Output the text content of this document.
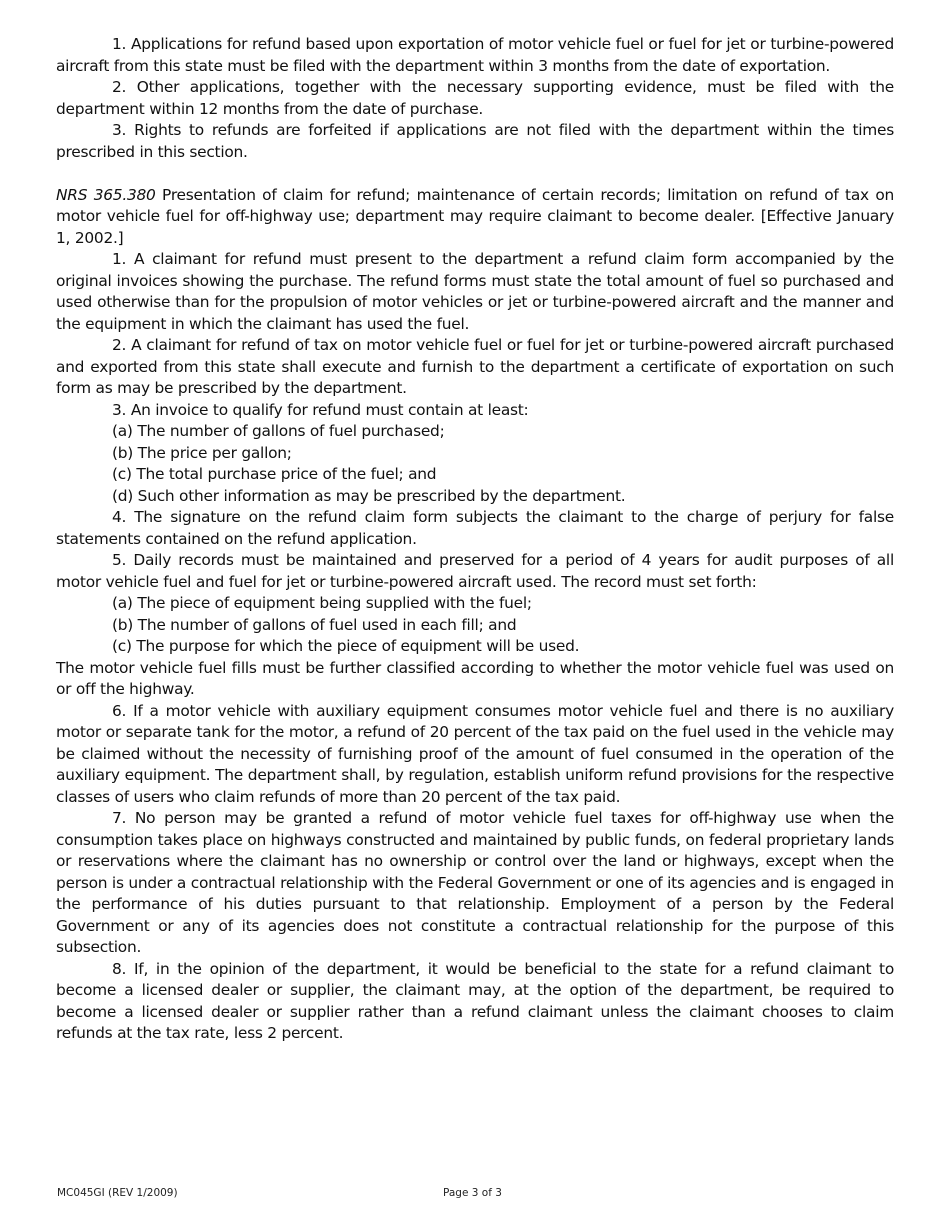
1. Applications for refund based upon exportation of motor vehicle fuel or fuel for jet or turbine-powered aircraft from this state must be filed with the department within 3 months from the date of exportation.

2. Other applications, together with the necessary supporting evidence, must be filed with the department within 12 months from the date of purchase.

3. Rights to refunds are forfeited if applications are not filed with the department within the times prescribed in this section.

NRS 365.380 Presentation of claim for refund; maintenance of certain records; limitation on refund of tax on motor vehicle fuel for off-highway use; department may require claimant to become dealer. [Effective January 1, 2002.]

1. A claimant for refund must present to the department a refund claim form accompanied by the original invoices showing the purchase. The refund forms must state the total amount of fuel so purchased and used otherwise than for the propulsion of motor vehicles or jet or turbine-powered aircraft and the manner and the equipment in which the claimant has used the fuel.

2. A claimant for refund of tax on motor vehicle fuel or fuel for jet or turbine-powered aircraft purchased and exported from this state shall execute and furnish to the department a certificate of exportation on such form as may be prescribed by the department.

3. An invoice to qualify for refund must contain at least:

(a) The number of gallons of fuel purchased;

(b) The price per gallon;

(c) The total purchase price of the fuel; and

(d) Such other information as may be prescribed by the department.

4. The signature on the refund claim form subjects the claimant to the charge of perjury for false statements contained on the refund application.

5. Daily records must be maintained and preserved for a period of 4 years for audit purposes of all motor vehicle fuel and fuel for jet or turbine-powered aircraft used. The record must set forth:

(a) The piece of equipment being supplied with the fuel;

(b) The number of gallons of fuel used in each fill; and

(c) The purpose for which the piece of equipment will be used.

The motor vehicle fuel fills must be further classified according to whether the motor vehicle fuel was used on or off the highway.

6. If a motor vehicle with auxiliary equipment consumes motor vehicle fuel and there is no auxiliary motor or separate tank for the motor, a refund of 20 percent of the tax paid on the fuel used in the vehicle may be claimed without the necessity of furnishing proof of the amount of fuel consumed in the operation of the auxiliary equipment. The department shall, by regulation, establish uniform refund provisions for the respective classes of users who claim refunds of more than 20 percent of the tax paid.

7. No person may be granted a refund of motor vehicle fuel taxes for off-highway use when the consumption takes place on highways constructed and maintained by public funds, on federal proprietary lands or reservations where the claimant has no ownership or control over the land or highways, except when the person is under a contractual relationship with the Federal Government or one of its agencies and is engaged in the performance of his duties pursuant to that relationship. Employment of a person by the Federal Government or any of its agencies does not constitute a contractual relationship for the purpose of this subsection.

8. If, in the opinion of the department, it would be beneficial to the state for a refund claimant to become a licensed dealer or supplier, the claimant may, at the option of the department, be required to become a licensed dealer or supplier rather than a refund claimant unless the claimant chooses to claim refunds at the tax rate, less 2 percent.

MC045GI (REV 1/2009)	Page 3 of 3
